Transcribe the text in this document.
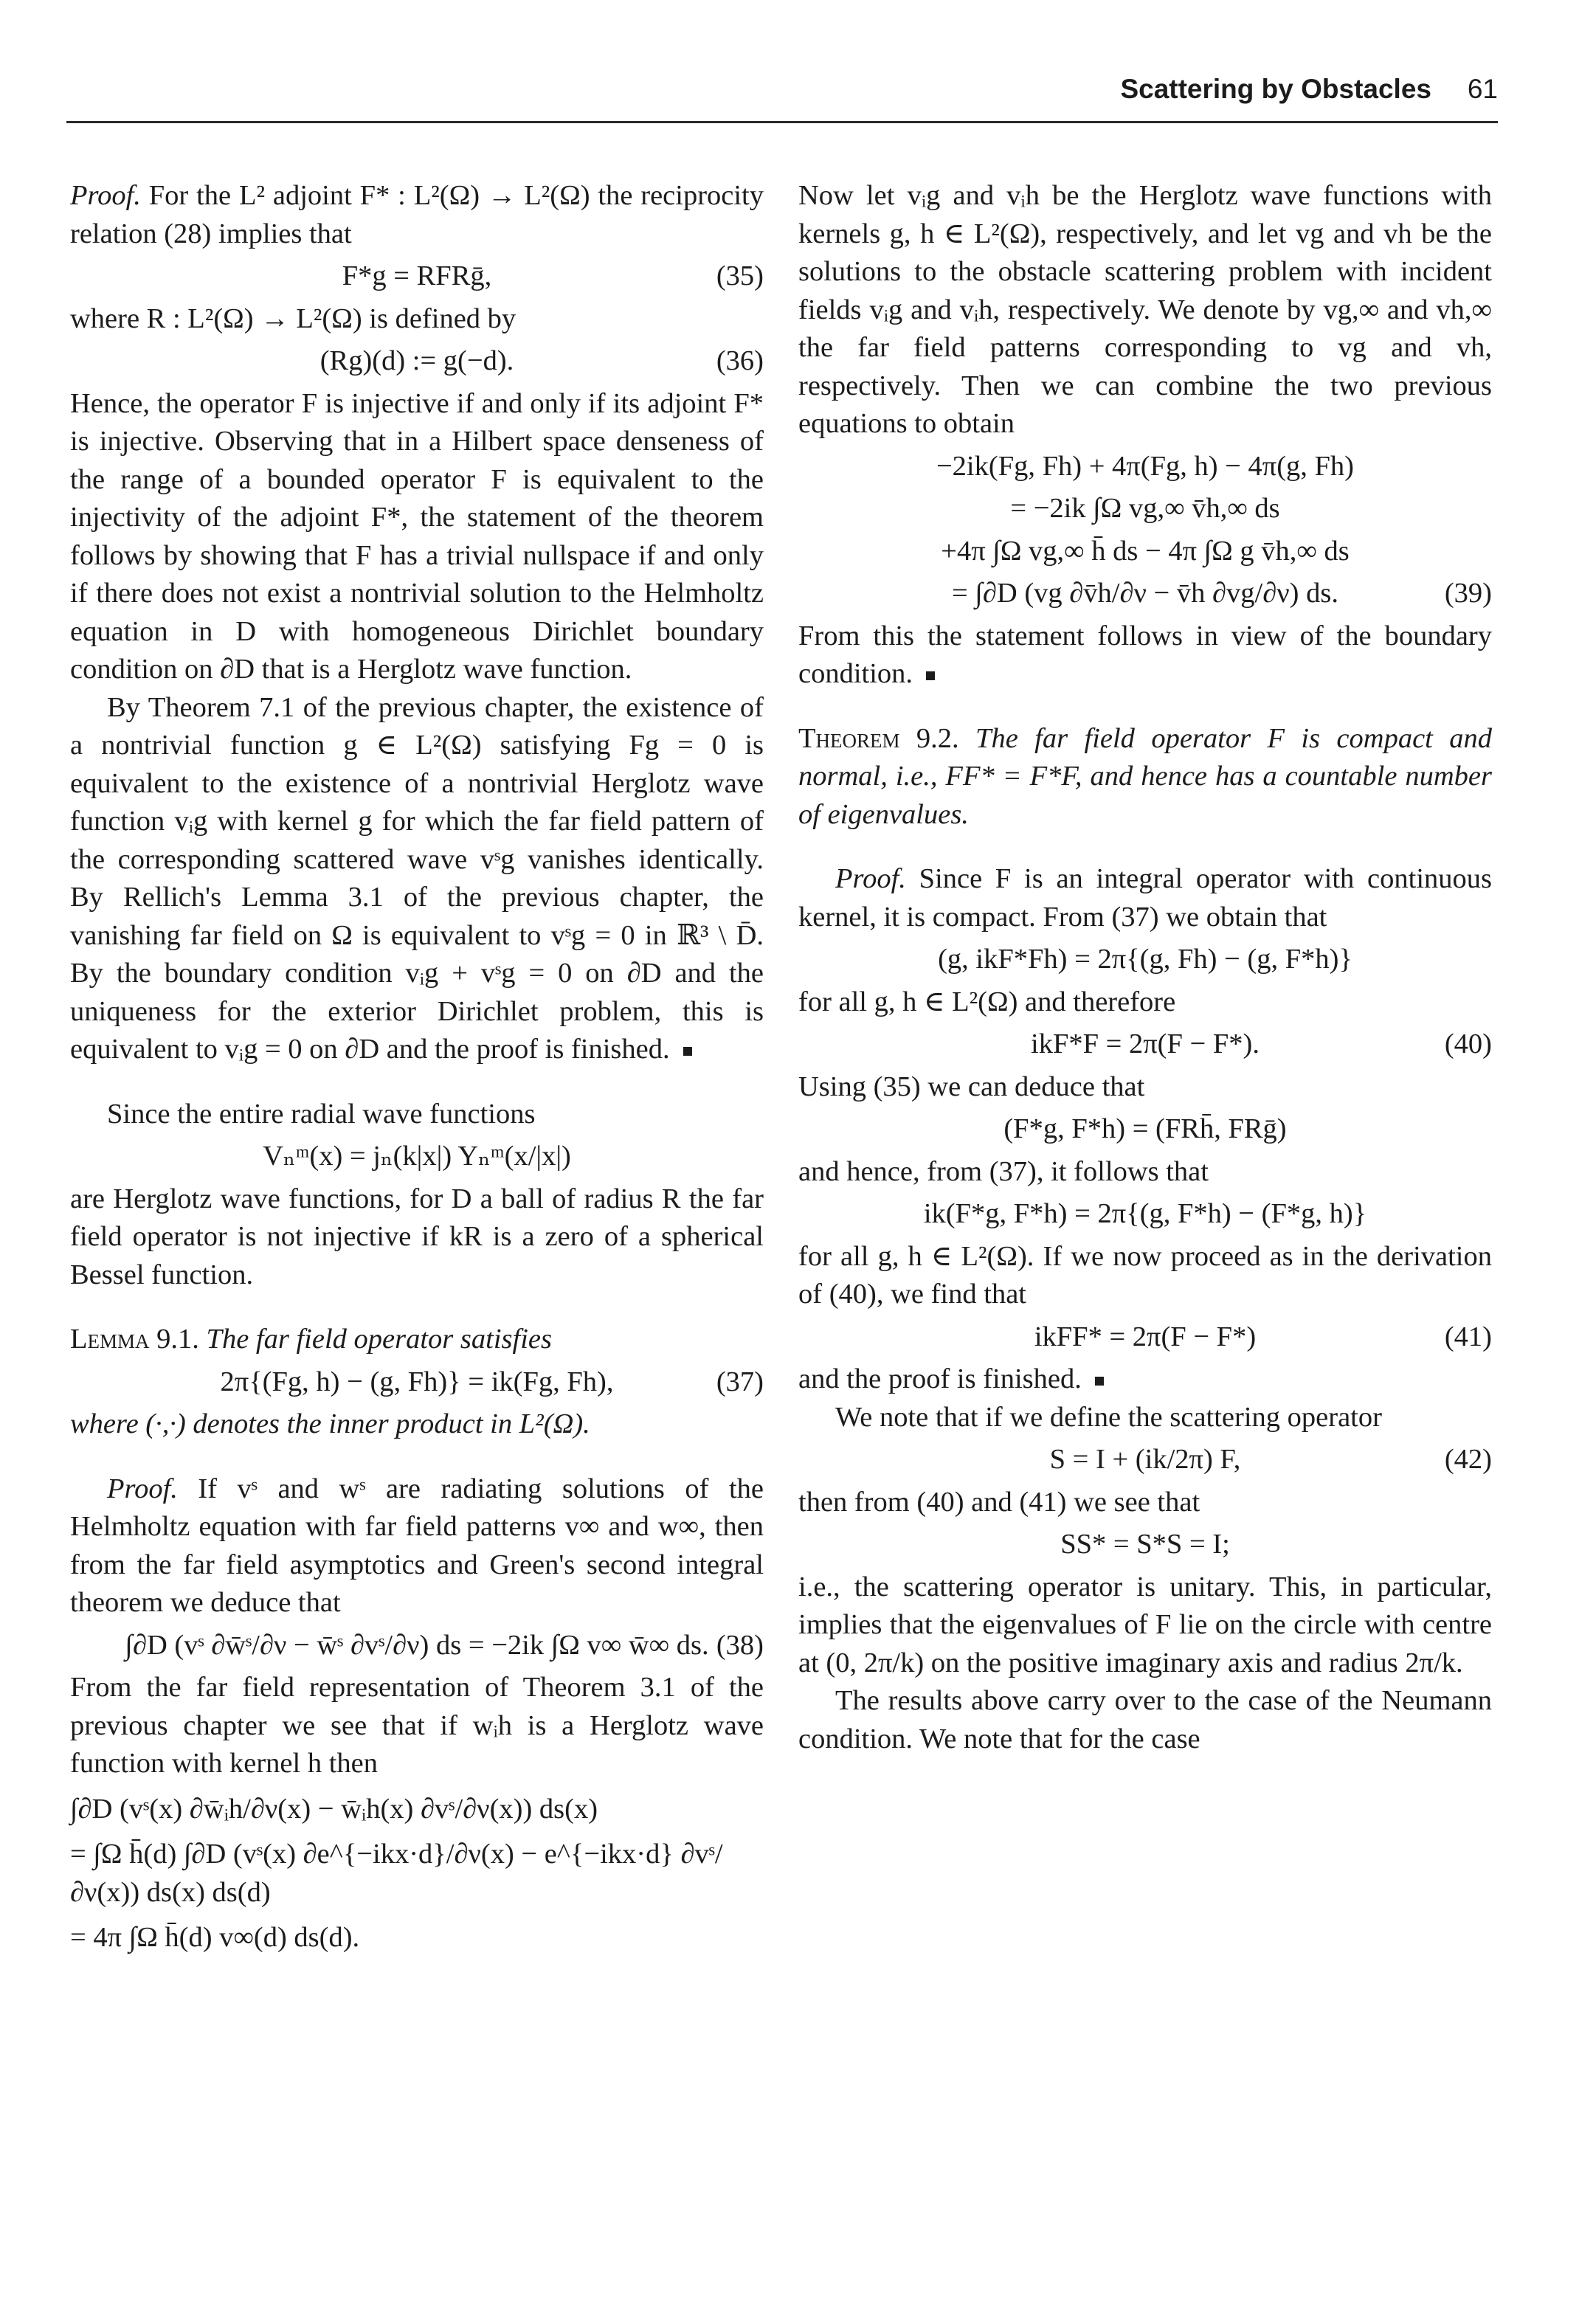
Scattering by Obstacles 61

Proof. For the L² adjoint F* : L²(Ω) → L²(Ω) the reciprocity relation (28) implies that

F*g = RFRḡ,	(35)

where R : L²(Ω) → L²(Ω) is defined by

(Rg)(d) := g(−d).	(36)

Hence, the operator F is injective if and only if its adjoint F* is injective. Observing that in a Hilbert space denseness of the range of a bounded operator F is equivalent to the injectivity of the adjoint F*, the statement of the theorem follows by showing that F has a trivial nullspace if and only if there does not exist a nontrivial solution to the Helmholtz equation in D with homogeneous Dirichlet boundary condition on ∂D that is a Herglotz wave function.

By Theorem 7.1 of the previous chapter, the existence of a nontrivial function g ∈ L²(Ω) satisfying Fg = 0 is equivalent to the existence of a nontrivial Herglotz wave function vᵢg with kernel g for which the far field pattern of the corresponding scattered wave vˢg vanishes identically. By Rellich's Lemma 3.1 of the previous chapter, the vanishing far field on Ω is equivalent to vˢg = 0 in ℝ³ \ D̄. By the boundary condition vᵢg + vˢg = 0 on ∂D and the uniqueness for the exterior Dirichlet problem, this is equivalent to vᵢg = 0 on ∂D and the proof is finished.

Since the entire radial wave functions

Vₙᵐ(x) = jₙ(k|x|) Yₙᵐ(x/|x|)

are Herglotz wave functions, for D a ball of radius R the far field operator is not injective if kR is a zero of a spherical Bessel function.

Lemma 9.1. The far field operator satisfies

2π{(Fg, h) − (g, Fh)} = ik(Fg, Fh),	(37)

where (·,·) denotes the inner product in L²(Ω).

Proof. If vˢ and wˢ are radiating solutions of the Helmholtz equation with far field patterns v∞ and w∞, then from the far field asymptotics and Green's second integral theorem we deduce that

∫∂D (vˢ ∂w̄ˢ/∂ν − w̄ˢ ∂vˢ/∂ν) ds = −2ik ∫Ω v∞ w̄∞ ds. (38)

From the far field representation of Theorem 3.1 of the previous chapter we see that if wᵢh is a Herglotz wave function with kernel h then

∫∂D (vˢ(x) ∂w̄ᵢh/∂ν(x) − w̄ᵢh(x) ∂vˢ/∂ν(x)) ds(x)
= ∫Ω h̄(d) ∫∂D (vˢ(x) ∂e^{−ikx·d}/∂ν(x) − e^{−ikx·d} ∂vˢ/∂ν(x)) ds(x) ds(d)
= 4π ∫Ω h̄(d) v∞(d) ds(d).

Now let vᵢg and vᵢh be the Herglotz wave functions with kernels g, h ∈ L²(Ω), respectively, and let vg and vh be the solutions to the obstacle scattering problem with incident fields vᵢg and vᵢh, respectively. We denote by vg,∞ and vh,∞ the far field patterns corresponding to vg and vh, respectively. Then we can combine the two previous equations to obtain

−2ik(Fg, Fh) + 4π(Fg, h) − 4π(g, Fh)
= −2ik ∫Ω vg,∞ v̄h,∞ ds
+4π ∫Ω vg,∞ h̄ ds − 4π ∫Ω g v̄h,∞ ds
= ∫∂D (vg ∂v̄h/∂ν − v̄h ∂vg/∂ν) ds.	(39)

From this the statement follows in view of the boundary condition.

Theorem 9.2. The far field operator F is compact and normal, i.e., FF* = F*F, and hence has a countable number of eigenvalues.

Proof. Since F is an integral operator with continuous kernel, it is compact. From (37) we obtain that

(g, ikF*Fh) = 2π{(g, Fh) − (g, F*h)}

for all g, h ∈ L²(Ω) and therefore

ikF*F = 2π(F − F*).	(40)

Using (35) we can deduce that

(F*g, F*h) = (FRh̄, FRḡ)

and hence, from (37), it follows that

ik(F*g, F*h) = 2π{(g, F*h) − (F*g, h)}

for all g, h ∈ L²(Ω). If we now proceed as in the derivation of (40), we find that

ikFF* = 2π(F − F*)	(41)

and the proof is finished.

We note that if we define the scattering operator

S = I + (ik/2π) F,	(42)

then from (40) and (41) we see that

SS* = S*S = I;

i.e., the scattering operator is unitary. This, in particular, implies that the eigenvalues of F lie on the circle with centre at (0, 2π/k) on the positive imaginary axis and radius 2π/k.

The results above carry over to the case of the Neumann condition. We note that for the case
